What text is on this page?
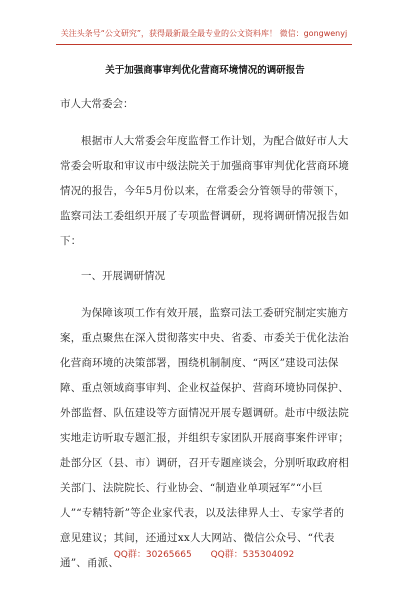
关注头条号“公文研究”，获得最新最全最专业的公文资料库！ 微信：gongwenyj
关于加强商事审判优化营商环境情况的调研报告
市人大常委会：

根据市人大常委会年度监督工作计划，为配合做好市人大常委会听取和审议市中级法院关于加强商事审判优化营商环境情况的报告，今年5月份以来，在常委会分管领导的带领下，监察司法工委组织开展了专项监督调研，现将调研情况报告如下：

一、开展调研情况

为保障该项工作有效开展，监察司法工委研究制定实施方案，重点聚焦在深入贯彻落实中央、省委、市委关于优化法治化营商环境的决策部署，围绕机制制度、“两区”建设司法保障、重点领域商事审判、企业权益保护、营商环境协同保护、外部监督、队伍建设等方面情况开展专题调研。赴市中级法院实地走访听取专题汇报，并组织专家团队开展商事案件评审；赴部分区（县、市）调研，召开专题座谈会，分别听取政府相关部门、法院院长、行业协会、“制造业单项冠军”“小巨人”“专精特新”等企业家代表，以及法律界人士、专家学者的意见建议；其间，还通过xx人大网站、微信公众号、“代表通”、甬派、

QQ群：30265665 QQ群：535304092
